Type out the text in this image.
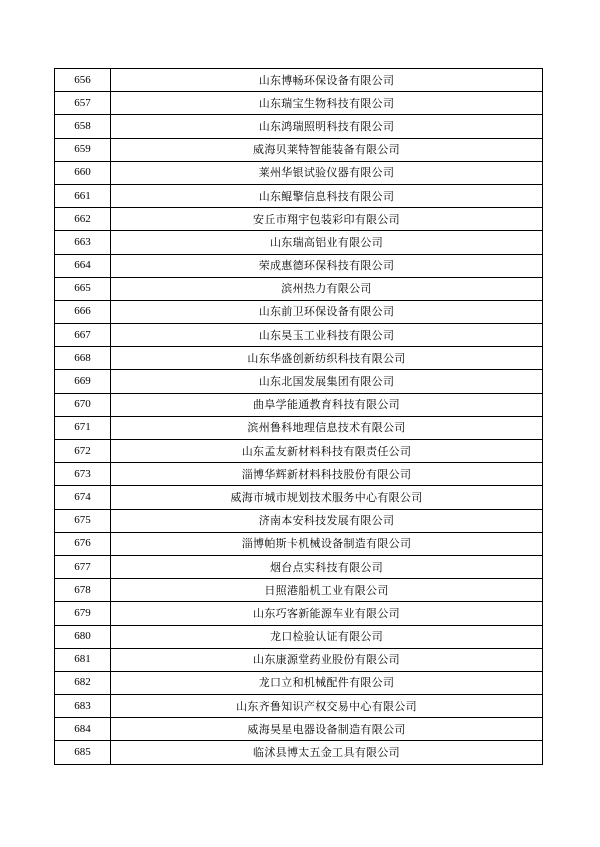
656	山东博畅环保设备有限公司
657	山东瑞宝生物科技有限公司
658	山东鸿瑞照明科技有限公司
659	威海贝莱特智能装备有限公司
660	莱州华银试验仪器有限公司
661	山东鲲擎信息科技有限公司
662	安丘市翔宇包装彩印有限公司
663	山东瑞高铝业有限公司
664	荣成惠德环保科技有限公司
665	滨州热力有限公司
666	山东前卫环保设备有限公司
667	山东昊玉工业科技有限公司
668	山东华盛创新纺织科技有限公司
669	山东北国发展集团有限公司
670	曲阜学能通教育科技有限公司
671	滨州鲁科地理信息技术有限公司
672	山东孟友新材料科技有限责任公司
673	淄博华辉新材料科技股份有限公司
674	威海市城市规划技术服务中心有限公司
675	济南本安科技发展有限公司
676	淄博帕斯卡机械设备制造有限公司
677	烟台点实科技有限公司
678	日照港船机工业有限公司
679	山东巧客新能源车业有限公司
680	龙口检验认证有限公司
681	山东康源堂药业股份有限公司
682	龙口立和机械配件有限公司
683	山东齐鲁知识产权交易中心有限公司
684	威海昊星电器设备制造有限公司
685	临沭县博太五金工具有限公司
